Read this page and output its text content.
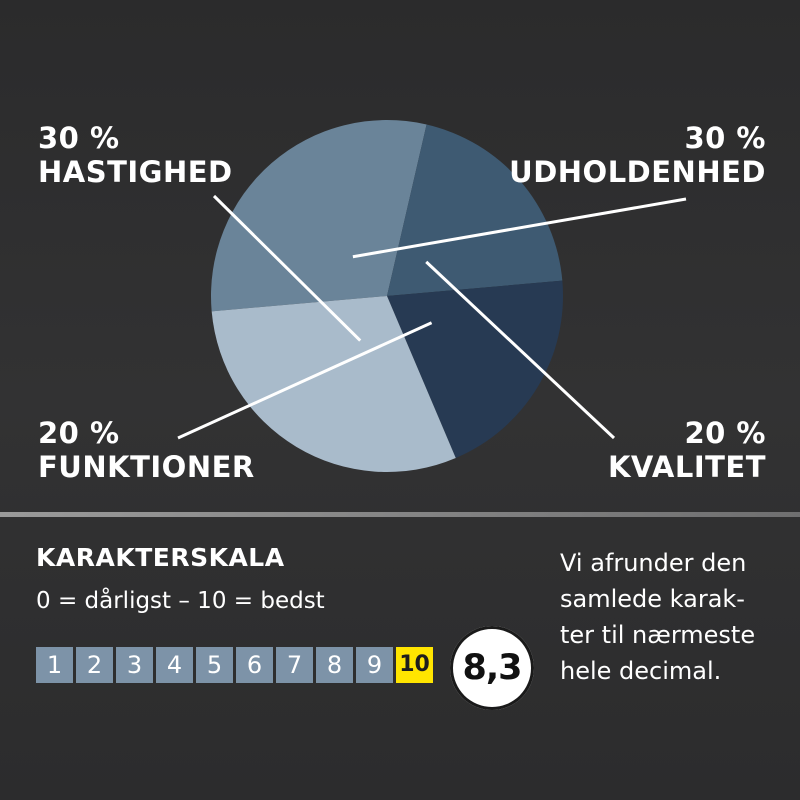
30 %
HASTIGHED
30 %
UDHOLDENHED
20 %
FUNKTIONER
20 %
KVALITET
KARAKTERSKALA
0 = dårligst – 10 = bedst
1	2	3	4	5	6	7	8	9 10 8,3
Vi afrunder den
samlede karak-
ter til nærmeste
hele decimal.
